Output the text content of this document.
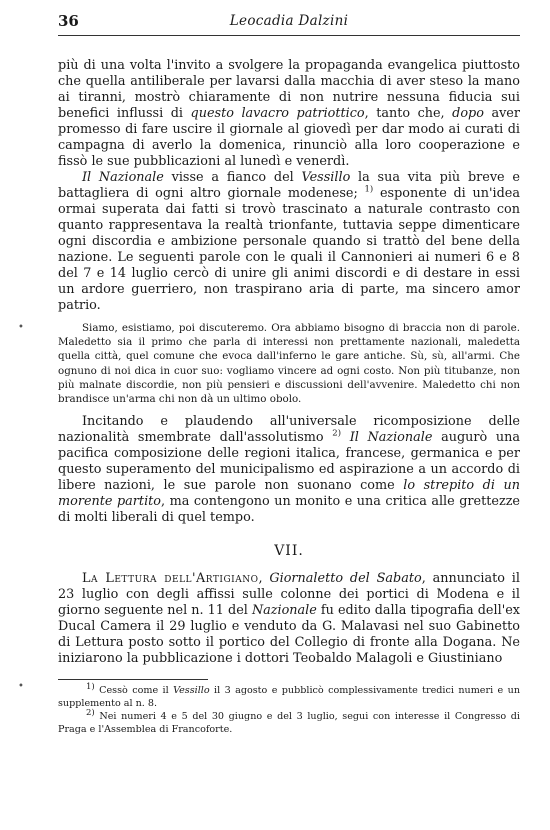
36	Leocadia Dalzini

più di una volta l'invito a svolgere la propaganda evangelica piuttosto che quella antiliberale per lavarsi dalla macchia di aver steso la mano ai tiranni, mostrò chiaramente di non nutrire nessuna fiducia sui benefici influssi di questo lavacro patriottico, tanto che, dopo aver promesso di fare uscire il giornale al giovedì per dar modo ai curati di campagna di averlo la domenica, rinunciò alla loro cooperazione e fissò le sue pubblicazioni al lunedì e venerdì.

Il Nazionale visse a fianco del Vessillo la sua vita più breve e battagliera di ogni altro giornale modenese; $^{1)}$ esponente di un'idea ormai superata dai fatti si trovò trascinato a naturale contrasto con quanto rappresentava la realtà trionfante, tuttavia seppe dimenticare ogni discordia e ambizione personale quando si trattò del bene della nazione. Le seguenti parole con le quali il Cannonieri ai numeri 6 e 8 del 7 e 14 luglio cercò di unire gli animi discordi e di destare in essi un ardore guerriero, non traspirano aria di parte, ma sincero amor patrio.

Siamo, esistiamo, poi discuteremo. Ora abbiamo bisogno di braccia non di parole. Maledetto sia il primo che parla di interessi non prettamente nazionali, maledetta quella città, quel comune che evoca dall'inferno le gare antiche. Sù, sù, all'armi. Che ognuno di noi dica in cuor suo: vogliamo vincere ad ogni costo. Non più titubanze, non più malnate discordie, non più pensieri e discussioni dell'avvenire. Maledetto chi non brandisce un'arma chi non dà un ultimo obolo.

Incitando e plaudendo all'universale ricomposizione delle nazionalità smembrate dall'assolutismo $^{2)}$ Il Nazionale augurò una pacifica composizione delle regioni italica, francese, germanica e per questo superamento del municipalismo ed aspirazione a un accordo di libere nazioni, le sue parole non suonano come lo strepito di un morente partito, ma contengono un monito e una critica alle grettezze di molti liberali di quel tempo.

VII.

La Lettura dell'Artigiano, Giornaletto del Sabato, annunciato il 23 luglio con degli affissi sulle colonne dei portici di Modena e il giorno seguente nel n. 11 del Nazionale fu edito dalla tipografia dell'ex Ducal Camera il 29 luglio e venduto da G. Malavasi nel suo Gabinetto di Lettura posto sotto il portico del Collegio di fronte alla Dogana. Ne iniziarono la pubblicazione i dottori Teobaldo Malagoli e Giustiniano

1) Cessò come il Vessillo il 3 agosto e pubblicò complessivamente tredici numeri e un supplemento al n. 8.

2) Nei numeri 4 e 5 del 30 giugno e del 3 luglio, segui con interesse il Congresso di Praga e l'Assemblea di Francoforte.

•
•
